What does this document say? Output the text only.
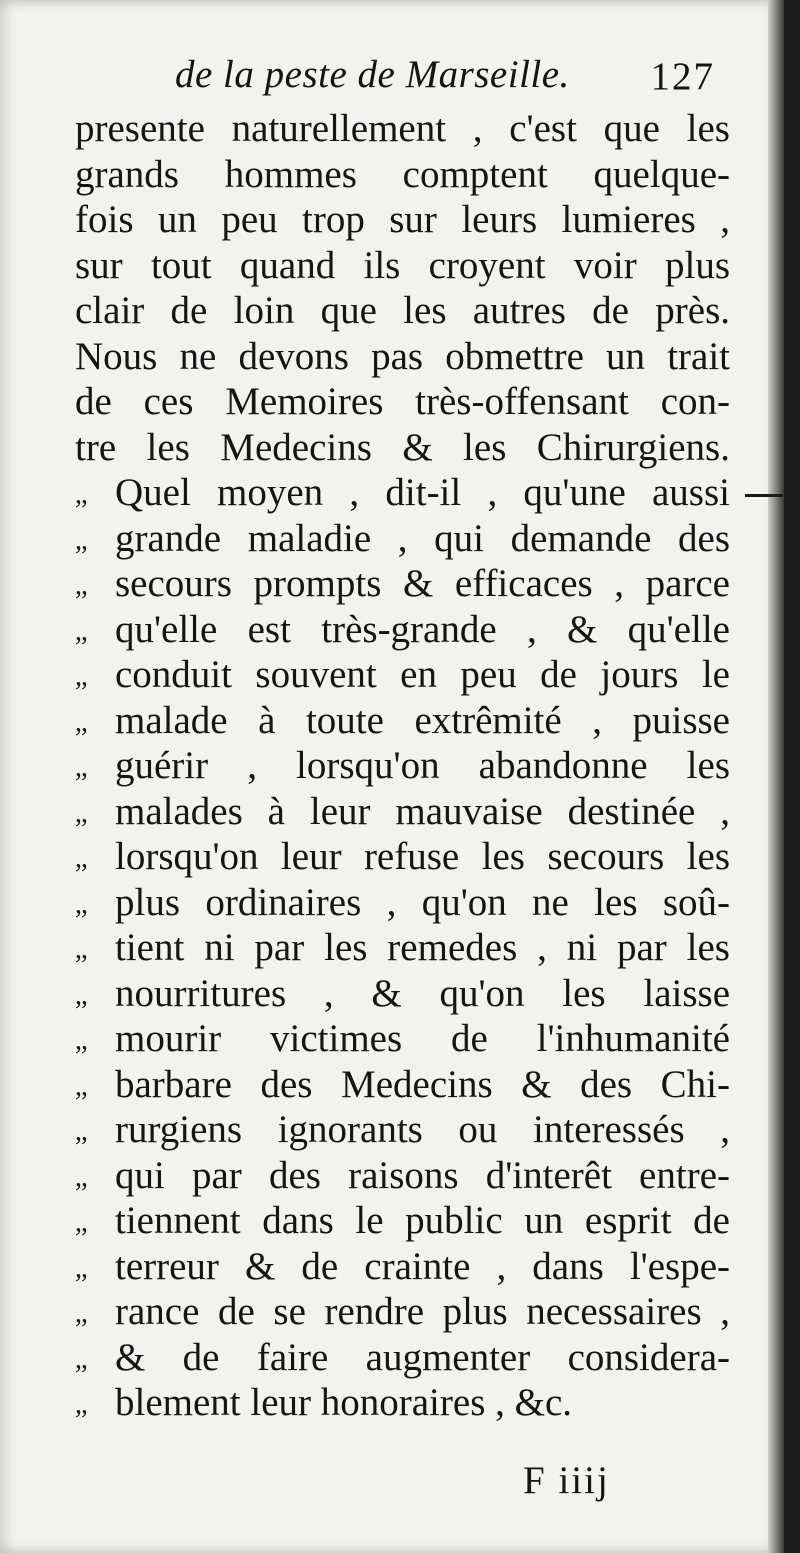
de la peste de Marseille. 127
presente naturellement , c'est que les
grands hommes comptent quelque-
fois un peu trop sur leurs lumieres ,
sur tout quand ils croyent voir plus
clair de loin que les autres de près.
Nous ne devons pas obmettre un trait
de ces Memoires très-offensant con-
tre les Medecins & les Chirurgiens.
,, Quel moyen , dit-il , qu'une aussi
,, grande maladie , qui demande des
,, secours prompts & efficaces , parce
,, qu'elle est très-grande , & qu'elle
,, conduit souvent en peu de jours le
,, malade à toute extrêmité , puisse
,, guérir , lorsqu'on abandonne les
,, malades à leur mauvaise destinée ,
,, lorsqu'on leur refuse les secours les
,, plus ordinaires , qu'on ne les soû-
,, tient ni par les remedes , ni par les
,, nourritures , & qu'on les laisse
,, mourir victimes de l'inhumanité
,, barbare des Medecins & des Chi-
,, rurgiens ignorants ou interessés ,
,, qui par des raisons d'interêt entre-
,, tiennent dans le public un esprit de
,, terreur & de crainte , dans l'espe-
,, rance de se rendre plus necessaires ,
,, & de faire augmenter considera-
,, blement leur honoraires , &c.
F iiij
